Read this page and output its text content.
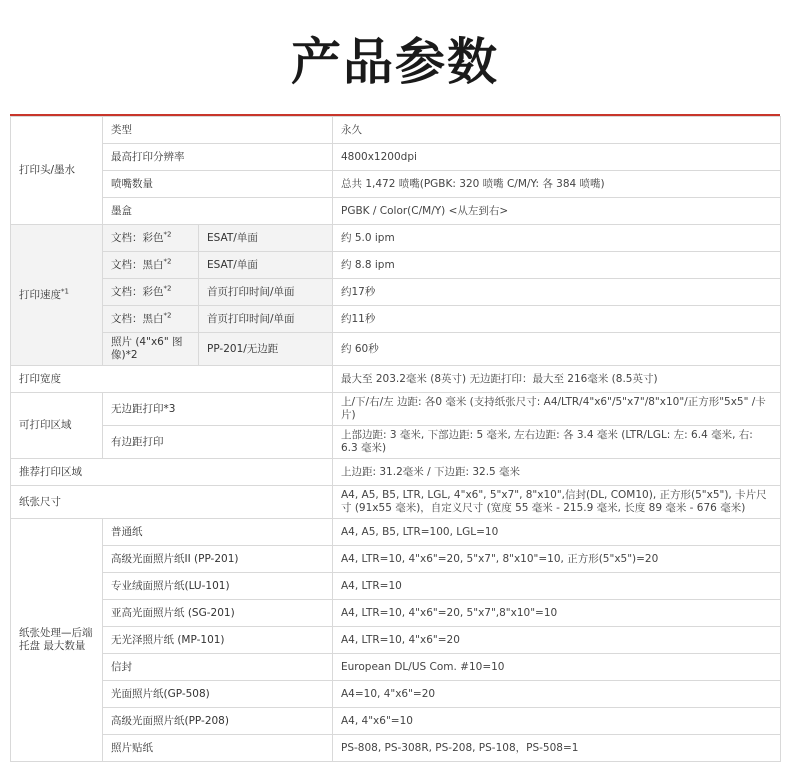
产品参数
打印头/墨水	类型		永久
	最高打印分辨率		4800x1200dpi
	喷嘴数量		总共 1,472 喷嘴(PGBK: 320 喷嘴 C/M/Y: 各 384 喷嘴)
	墨盒		PGBK / Color(C/M/Y) <从左到右>
打印速度$^{*1}$	文档：彩色$^{*2}$	ESAT/单面	约 5.0 ipm
	文档：黑白$^{*2}$	ESAT/单面	约 8.8 ipm
	文档：彩色$^{*2}$	首页打印时间/单面	约17秒
	文档：黑白$^{*2}$	首页打印时间/单面	约11秒
	照片 (4"x6" 图像)*2	PP-201/无边距	约 60秒
打印宽度			最大至 203.2毫米 (8英寸) 无边距打印：最大至 216毫米 (8.5英寸)
可打印区域	无边距打印*3		上/下/右/左 边距: 各0 毫米 (支持纸张尺寸: A4/LTR/4"x6"/5"x7"/8"x10"/正方形"5x5" /卡片)
	有边距打印		上部边距: 3 毫米, 下部边距: 5 毫米, 左右边距: 各 3.4 毫米 (LTR/LGL: 左: 6.4 毫米, 右: 6.3 毫米)
推荐打印区域			上边距: 31.2毫米 / 下边距: 32.5 毫米
纸张尺寸			A4, A5, B5, LTR, LGL, 4"x6", 5"x7", 8"x10",信封(DL, COM10), 正方形(5"x5"), 卡片尺寸 (91x55 毫米)，自定义尺寸 (宽度 55 毫米 - 215.9 毫米, 长度 89 毫米 - 676 毫米)
纸张处理—后端托盘 最大数量	普通纸		A4, A5, B5, LTR=100, LGL=10
	高级光面照片纸II (PP-201)		A4, LTR=10, 4"x6"=20, 5"x7", 8"x10"=10, 正方形(5"x5")=20
	专业绒面照片纸(LU-101)		A4, LTR=10
	亚高光面照片纸 (SG-201)		A4, LTR=10, 4"x6"=20, 5"x7",8"x10"=10
	无光泽照片纸 (MP-101)		A4, LTR=10, 4"x6"=20
	信封		European DL/US Com. #10=10
	光面照片纸(GP-508)		A4=10, 4"x6"=20
	高级光面照片纸(PP-208)		A4, 4"x6"=10
	照片贴纸		PS-808, PS-308R, PS-208, PS-108，PS-508=1
